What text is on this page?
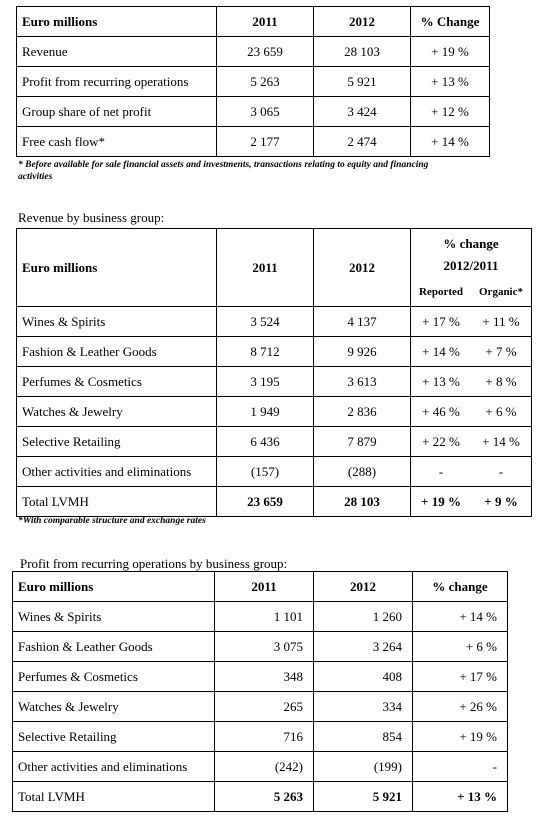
Euro millions	2011	2012	% Change
Revenue	23 659	28 103	+ 19 %
Profit from recurring operations	5 263	5 921	+ 13 %
Group share of net profit	3 065	3 424	+ 12 %
Free cash flow*	2 177	2 474	+ 14 %
* Before available for sale financial assets and investments, transactions relating to equity and financing activities
Revenue by business group:
Euro millions	2011	2012	% change	
			2012/2011	
			Reported	Organic*
Wines & Spirits	3 524	4 137	+ 17 %	+ 11 %
Fashion & Leather Goods	8 712	9 926	+ 14 %	+ 7 %
Perfumes & Cosmetics	3 195	3 613	+ 13 %	+ 8 %
Watches & Jewelry	1 949	2 836	+ 46 %	+ 6 %
Selective Retailing	6 436	7 879	+ 22 %	+ 14 %
Other activities and eliminations	(157)	(288)	-	-
Total LVMH	23 659	28 103	+ 19 %	+ 9 %
*With comparable structure and exchange rates
Profit from recurring operations by business group:
Euro millions	2011	2012	% change
Wines & Spirits	1 101	1 260	+ 14 %
Fashion & Leather Goods	3 075	3 264	+ 6 %
Perfumes & Cosmetics	348	408	+ 17 %
Watches & Jewelry	265	334	+ 26 %
Selective Retailing	716	854	+ 19 %
Other activities and eliminations	(242)	(199)	-
Total LVMH	5 263	5 921	+ 13 %
